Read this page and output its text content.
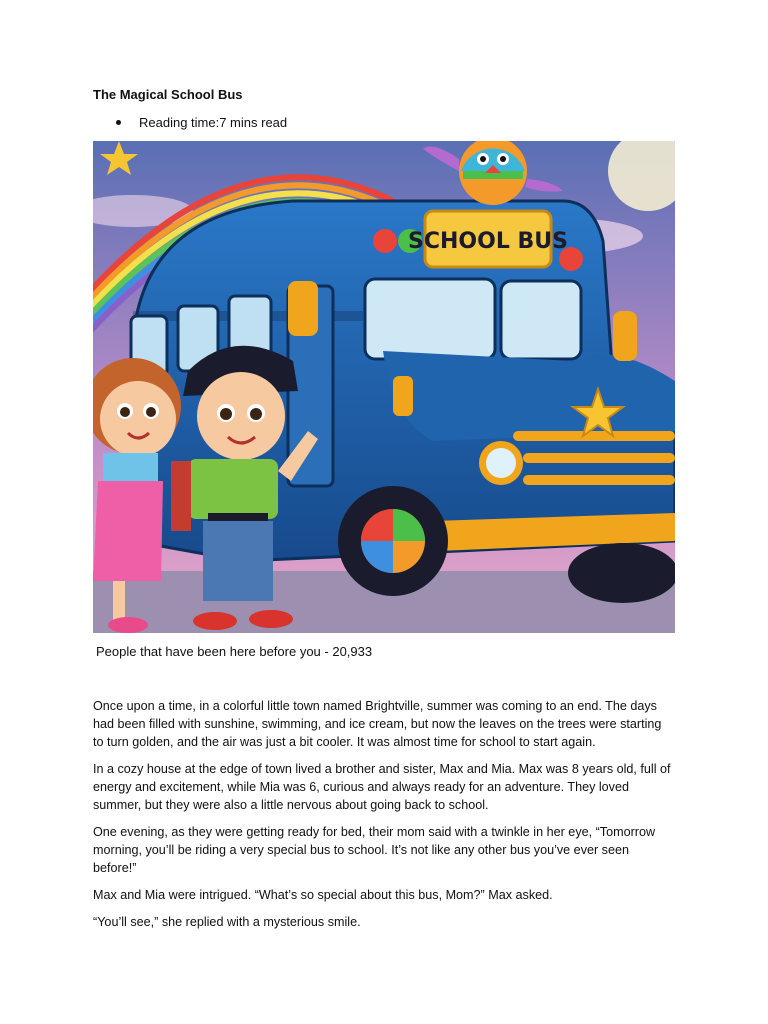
The Magical School Bus
Reading time:7 mins read
SCHOOL BUS
People that have been here before you - 20,933

Once upon a time, in a colorful little town named Brightville, summer was coming to an end. The days had been filled with sunshine, swimming, and ice cream, but now the leaves on the trees were starting to turn golden, and the air was just a bit cooler. It was almost time for school to start again.

In a cozy house at the edge of town lived a brother and sister, Max and Mia. Max was 8 years old, full of energy and excitement, while Mia was 6, curious and always ready for an adventure. They loved summer, but they were also a little nervous about going back to school.

One evening, as they were getting ready for bed, their mom said with a twinkle in her eye, “Tomorrow morning, you’ll be riding a very special bus to school. It’s not like any other bus you’ve ever seen before!”

Max and Mia were intrigued. “What’s so special about this bus, Mom?” Max asked.

“You’ll see,” she replied with a mysterious smile.
